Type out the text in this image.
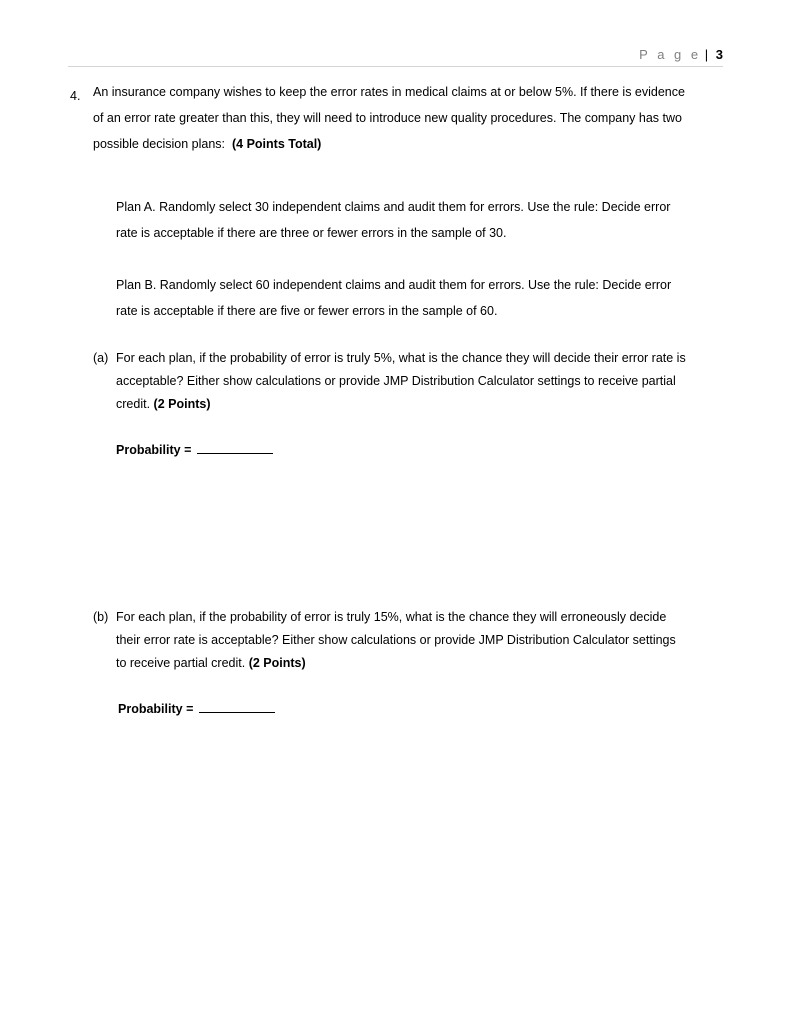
P a g e | 3
4. An insurance company wishes to keep the error rates in medical claims at or below 5%. If there is evidence
of an error rate greater than this, they will need to introduce new quality procedures. The company has two
possible decision plans: (4 Points Total)
Plan A. Randomly select 30 independent claims and audit them for errors. Use the rule: Decide error
rate is acceptable if there are three or fewer errors in the sample of 30.
Plan B. Randomly select 60 independent claims and audit them for errors. Use the rule: Decide error
rate is acceptable if there are five or fewer errors in the sample of 60.
(a) For each plan, if the probability of error is truly 5%, what is the chance they will decide their error rate is
acceptable? Either show calculations or provide JMP Distribution Calculator settings to receive partial
credit. (2 Points)
Probability =
(b) For each plan, if the probability of error is truly 15%, what is the chance they will erroneously decide
their error rate is acceptable? Either show calculations or provide JMP Distribution Calculator settings
to receive partial credit. (2 Points)
Probability =
